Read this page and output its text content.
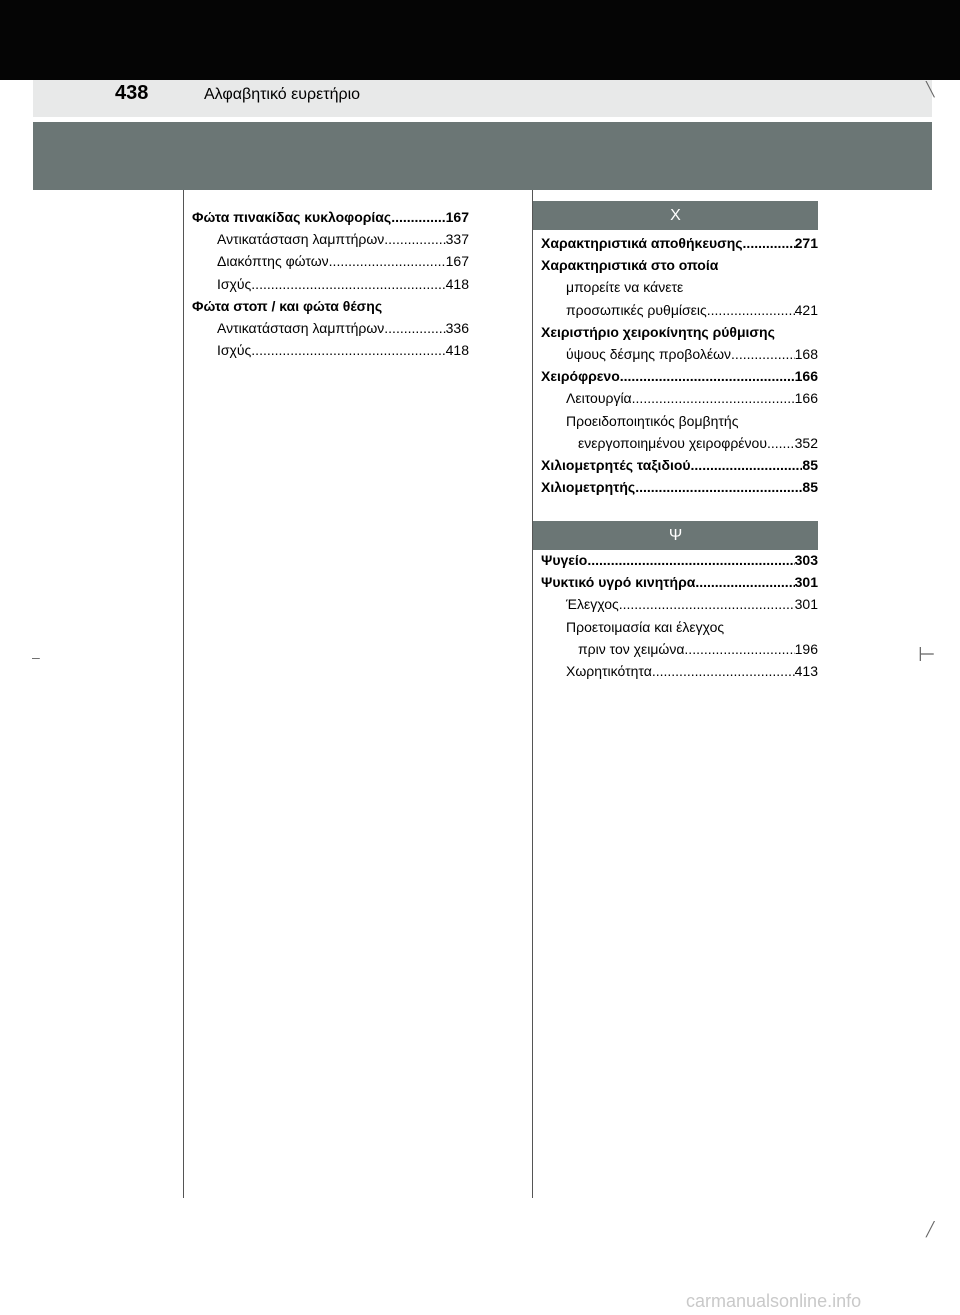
438	Αλφαβητικό ευρετήριο
Φώτα πινακίδας κυκλοφορίας .....	167
Αντικατάσταση λαμπτήρων .....	337
Διακόπτης φώτων .....	167
Ισχύς .....	418
Φώτα στοπ / και φώτα θέσης
Αντικατάσταση λαμπτήρων .....	336
Ισχύς .....	418
Χ
Χαρακτηριστικά αποθήκευσης .....	271
Χαρακτηριστικά στο οποία
μπορείτε να κάνετε
προσωπικές ρυθμίσεις .....	421
Χειριστήριο χειροκίνητης ρύθμισης
ύψους δέσμης προβολέων .....	168
Χειρόφρενο .....	166
Λειτουργία .....	166
Προειδοποιητικός βομβητής
ενεργοποιημένου χειροφρένου ..... 352
Χιλιομετρητές ταξιδιού .....	85
Χιλιομετρητής .....	85
Ψ
Ψυγείο .....	303
Ψυκτικό υγρό κινητήρα .....	301
Έλεγχος .....	301
Προετοιμασία και έλεγχος
πριν τον χειμώνα .....	196
Χωρητικότητα .....	413
╲
–	⊢
╱
carmanualsonline.info
